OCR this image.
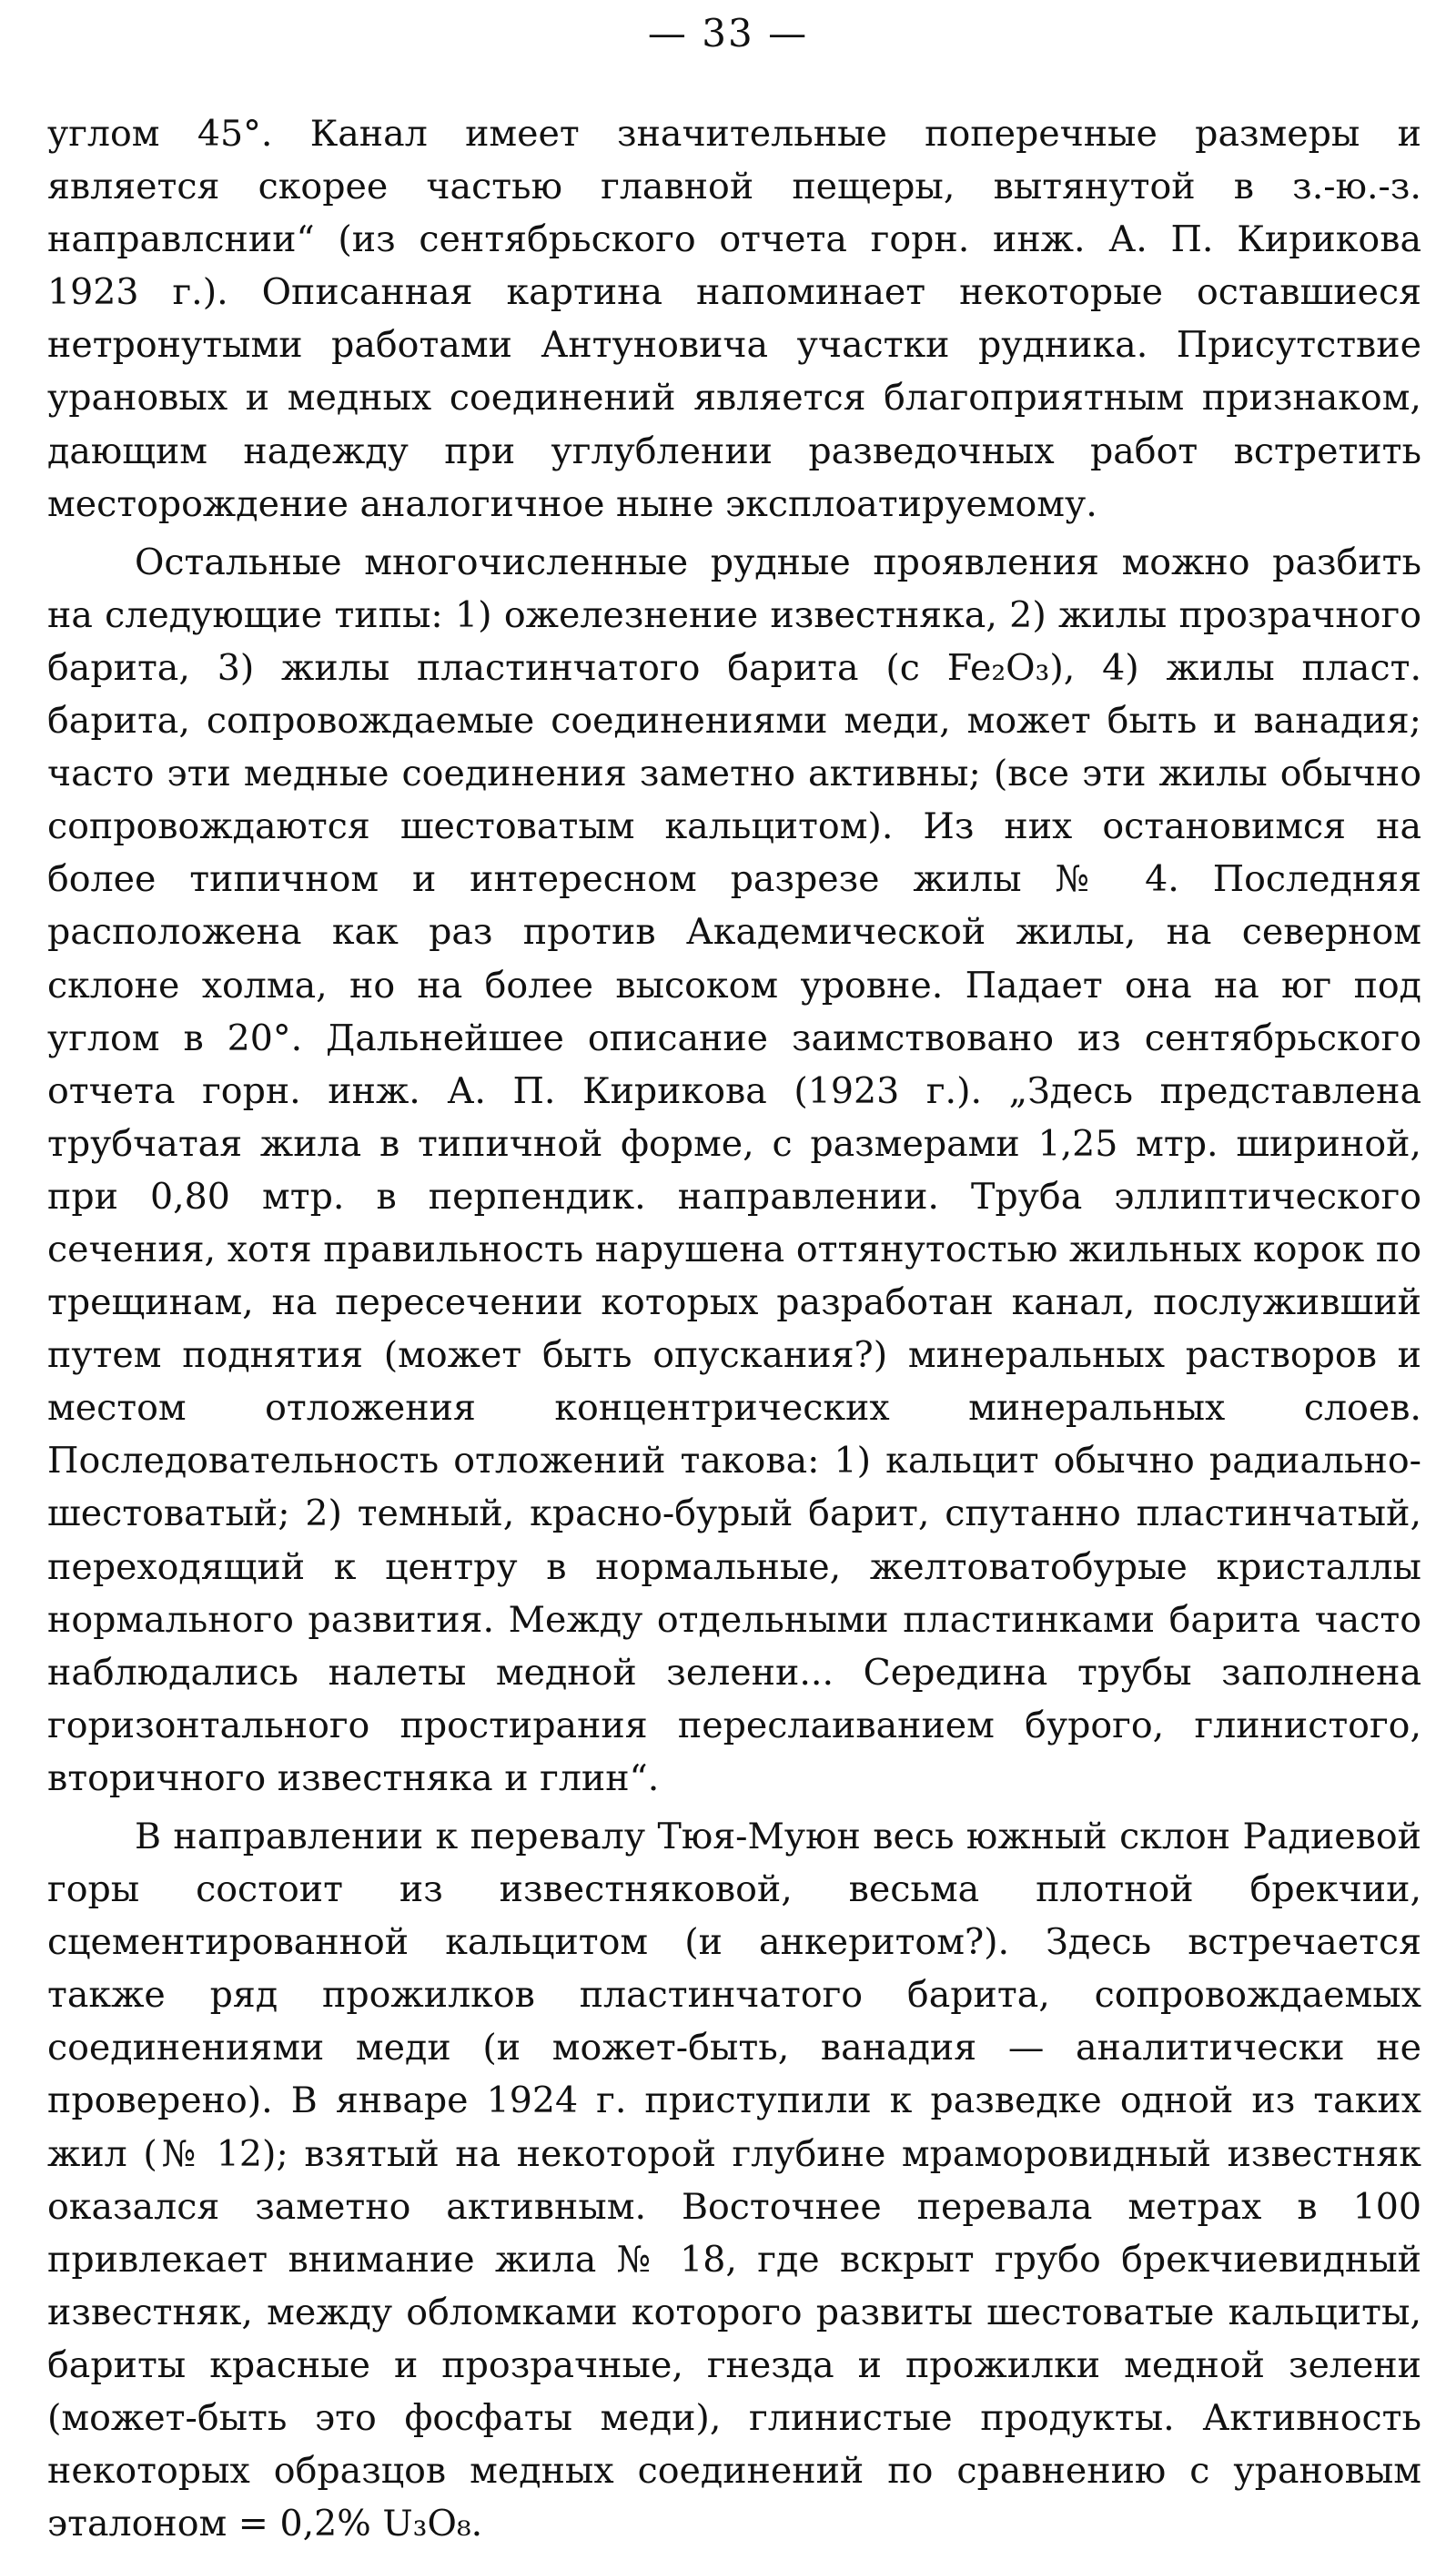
— 33 —

углом 45°. Канал имеет значительные поперечные размеры и является скорее частью главной пещеры, вытянутой в з.-ю.-з. направлснии“ (из сентябрьского отчета горн. инж. А. П. Кирикова 1923 г.). Описанная картина напоминает некоторые оставшиеся нетронутыми работами Антуновича участки рудника. Присутствие урановых и медных соединений является благоприятным признаком, дающим надежду при углублении разведочных работ встретить месторождение аналогичное ныне эксплоатируемому.

Остальные многочисленные рудные проявления можно разбить на следующие типы: 1) ожелезнение известняка, 2) жилы прозрачного барита, 3) жилы пластинчатого барита (с Fe₂O₃), 4) жилы пласт. барита, сопровождаемые соединениями меди, может быть и ванадия; часто эти медные соединения заметно активны; (все эти жилы обычно сопровождаются шестоватым кальцитом). Из них остановимся на более типичном и интересном разрезе жилы № 4. Последняя расположена как раз против Академической жилы, на северном склоне холма, но на более высоком уровне. Падает она на юг под углом в 20°. Дальнейшее описание заимствовано из сентябрьского отчета горн. инж. А. П. Кирикова (1923 г.). „Здесь представлена трубчатая жила в типичной форме, с размерами 1,25 мтр. шириной, при 0,80 мтр. в перпендик. направлении. Труба эллиптического сечения, хотя правильность нарушена оттянутостью жильных корок по трещинам, на пересечении которых разработан канал, послуживший путем поднятия (может быть опускания?) минеральных растворов и местом отложения концентрических минеральных слоев. Последовательность отложений такова: 1) кальцит обычно радиально-шестоватый; 2) темный, красно-бурый барит, спутанно пластинчатый, переходящий к центру в нормальные, желтоватобурые кристаллы нормального развития. Между отдельными пластинками барита часто наблюдались налеты медной зелени... Середина трубы заполнена горизонтального простирания переслаиванием бурого, глинистого, вторичного известняка и глин“.

В направлении к перевалу Тюя-Муюн весь южный склон Радиевой горы состоит из известняковой, весьма плотной брекчии, сцементированной кальцитом (и анкеритом?). Здесь встречается также ряд прожилков пластинчатого барита, сопровождаемых соединениями меди (и может-быть, ванадия — аналитически не проверено). В январе 1924 г. приступили к разведке одной из таких жил (№ 12); взятый на некоторой глубине мраморовидный известняк оказался заметно активным. Восточнее перевала метрах в 100 привлекает внимание жила № 18, где вскрыт грубо брекчиевидный известняк, между обломками которого развиты шестоватые кальциты, бариты красные и прозрачные, гнезда и прожилки медной зелени (может-быть это фосфаты меди), глинистые продукты. Активность некоторых образцов медных соединений по сравнению с урановым эталоном = 0,2% U₃O₈.
